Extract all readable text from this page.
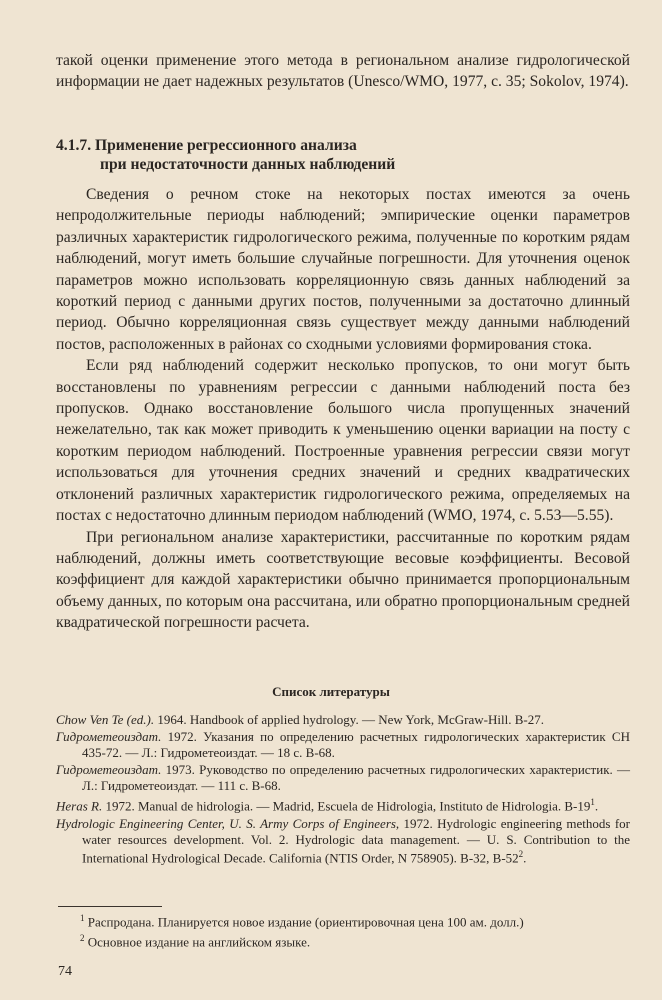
такой оценки применение этого метода в региональном анализе гидрологической информации не дает надежных результатов (Unesco/WMO, 1977, с. 35; Sokolov, 1974).

4.1.7. Применение регрессионного анализа
при недостаточности данных наблюдений

Сведения о речном стоке на некоторых постах имеются за очень непродолжительные периоды наблюдений; эмпирические оценки параметров различных характеристик гидрологического режима, полученные по коротким рядам наблюдений, могут иметь большие случайные погрешности. Для уточнения оценок параметров можно использовать корреляционную связь данных наблюдений за короткий период с данными других постов, полученными за достаточно длинный период. Обычно корреляционная связь существует между данными наблюдений постов, расположенных в районах со сходными условиями формирования стока.

Если ряд наблюдений содержит несколько пропусков, то они могут быть восстановлены по уравнениям регрессии с данными наблюдений поста без пропусков. Однако восстановление большого числа пропущенных значений нежелательно, так как может приводить к уменьшению оценки вариации на посту с коротким периодом наблюдений. Построенные уравнения регрессии связи могут использоваться для уточнения средних значений и средних квадратических отклонений различных характеристик гидрологического режима, определяемых на постах с недостаточно длинным периодом наблюдений (WMO, 1974, с. 5.53—5.55).

При региональном анализе характеристики, рассчитанные по коротким рядам наблюдений, должны иметь соответствующие весовые коэффициенты. Весовой коэффициент для каждой характеристики обычно принимается пропорциональным объему данных, по которым она рассчитана, или обратно пропорциональным средней квадратической погрешности расчета.

Список литературы

Chow Ven Te (ed.). 1964. Handbook of applied hydrology. — New York, McGraw-Hill. B-27.

Гидрометеоиздат. 1972. Указания по определению расчетных гидрологических характеристик СН 435-72. — Л.: Гидрометеоиздат. — 18 с. B-68.

Гидрометеоиздат. 1973. Руководство по определению расчетных гидрологических характеристик. — Л.: Гидрометеоиздат. — 111 с. B-68.

Heras R. 1972. Manual de hidrologia. — Madrid, Escuela de Hidrologia, Instituto de Hidrologia. $B-19^1$.

Hydrologic Engineering Center, U. S. Army Corps of Engineers, 1972. Hydrologic engineering methods for water resources development. Vol. 2. Hydrologic data management. — U. S. Contribution to the International Hydrological Decade. California (NTIS Order, N 758905). B-32, $B-52^2$.

$^1$ Распродана. Планируется новое издание (ориентировочная цена 100 ам. долл.)

$^2$ Основное издание на английском языке.

74
